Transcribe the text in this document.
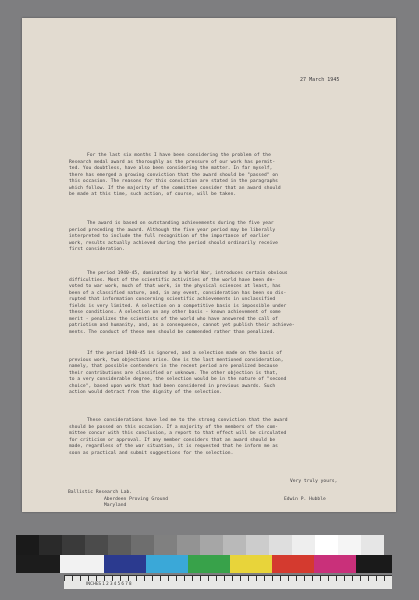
27 March 1945
For the last six months I have been considering the problem of the
Research medal award as thoroughly as the pressure of our work has permit-
ted. You doubtless, have also been considering the matter. In far myself,
there has emerged a growing conviction that the award should be "passed" on
this occasion. The reasons for this conviction are stated in the paragraphs
which follow. If the majority of the committee consider that an award should
be made at this time, such action, of course, will be taken.
The award is based on outstanding achievements during the five year
period preceding the award. Although the five year period may be liberally
interpreted to include the full recognition of the importance of earlier
work, results actually achieved during the period should ordinarily receive
first consideration.
The period 1940-45, dominated by a World War, introduces certain obvious
difficulties. Most of the scientific activities of the world have been de-
voted to war work, much of that work, in the physical sciences at least, has
been of a classified nature, and, in any event, consideration has been so dis-
rupted that information concerning scientific achievements in unclassified
fields is very limited. A selection on a competitive basis is impossible under
these conditions. A selection on any other basis - known achievement of some
merit - penalizes the scientists of the world who have answered the call of
patriotism and humanity, and, as a consequence, cannot yet publish their achieve-
ments. The conduct of these men should be commended rather than penalized.
If the period 1940-45 is ignored, and a selection made on the basis of
previous work, two objections arise. One is the last mentioned consideration,
namely, that possible contenders in the recent period are penalized because
their contributions are classified or unknown. The other objection is that,
to a very considerable degree, the selection would be in the nature of "second
choice", based upon work that had been considered in previous awards. Such
action would detract from the dignity of the selection.
These considerations have led me to the strong conviction that the award
should be passed on this occasion. If a majority of the members of the com-
mittee concur with this conclusion, a report to that effect will be circulated
for criticism or approval. If any member considers that an award should be
made, regardless of the war situation, it is requested that he inform me as
soon as practical and submit suggestions for the selection.
Very truly yours,
Edwin P. Hubble
Ballistic Research Lab.
Aberdeen Proving Ground
Maryland
INCHES 1 2 3 4 5 6 7 8
